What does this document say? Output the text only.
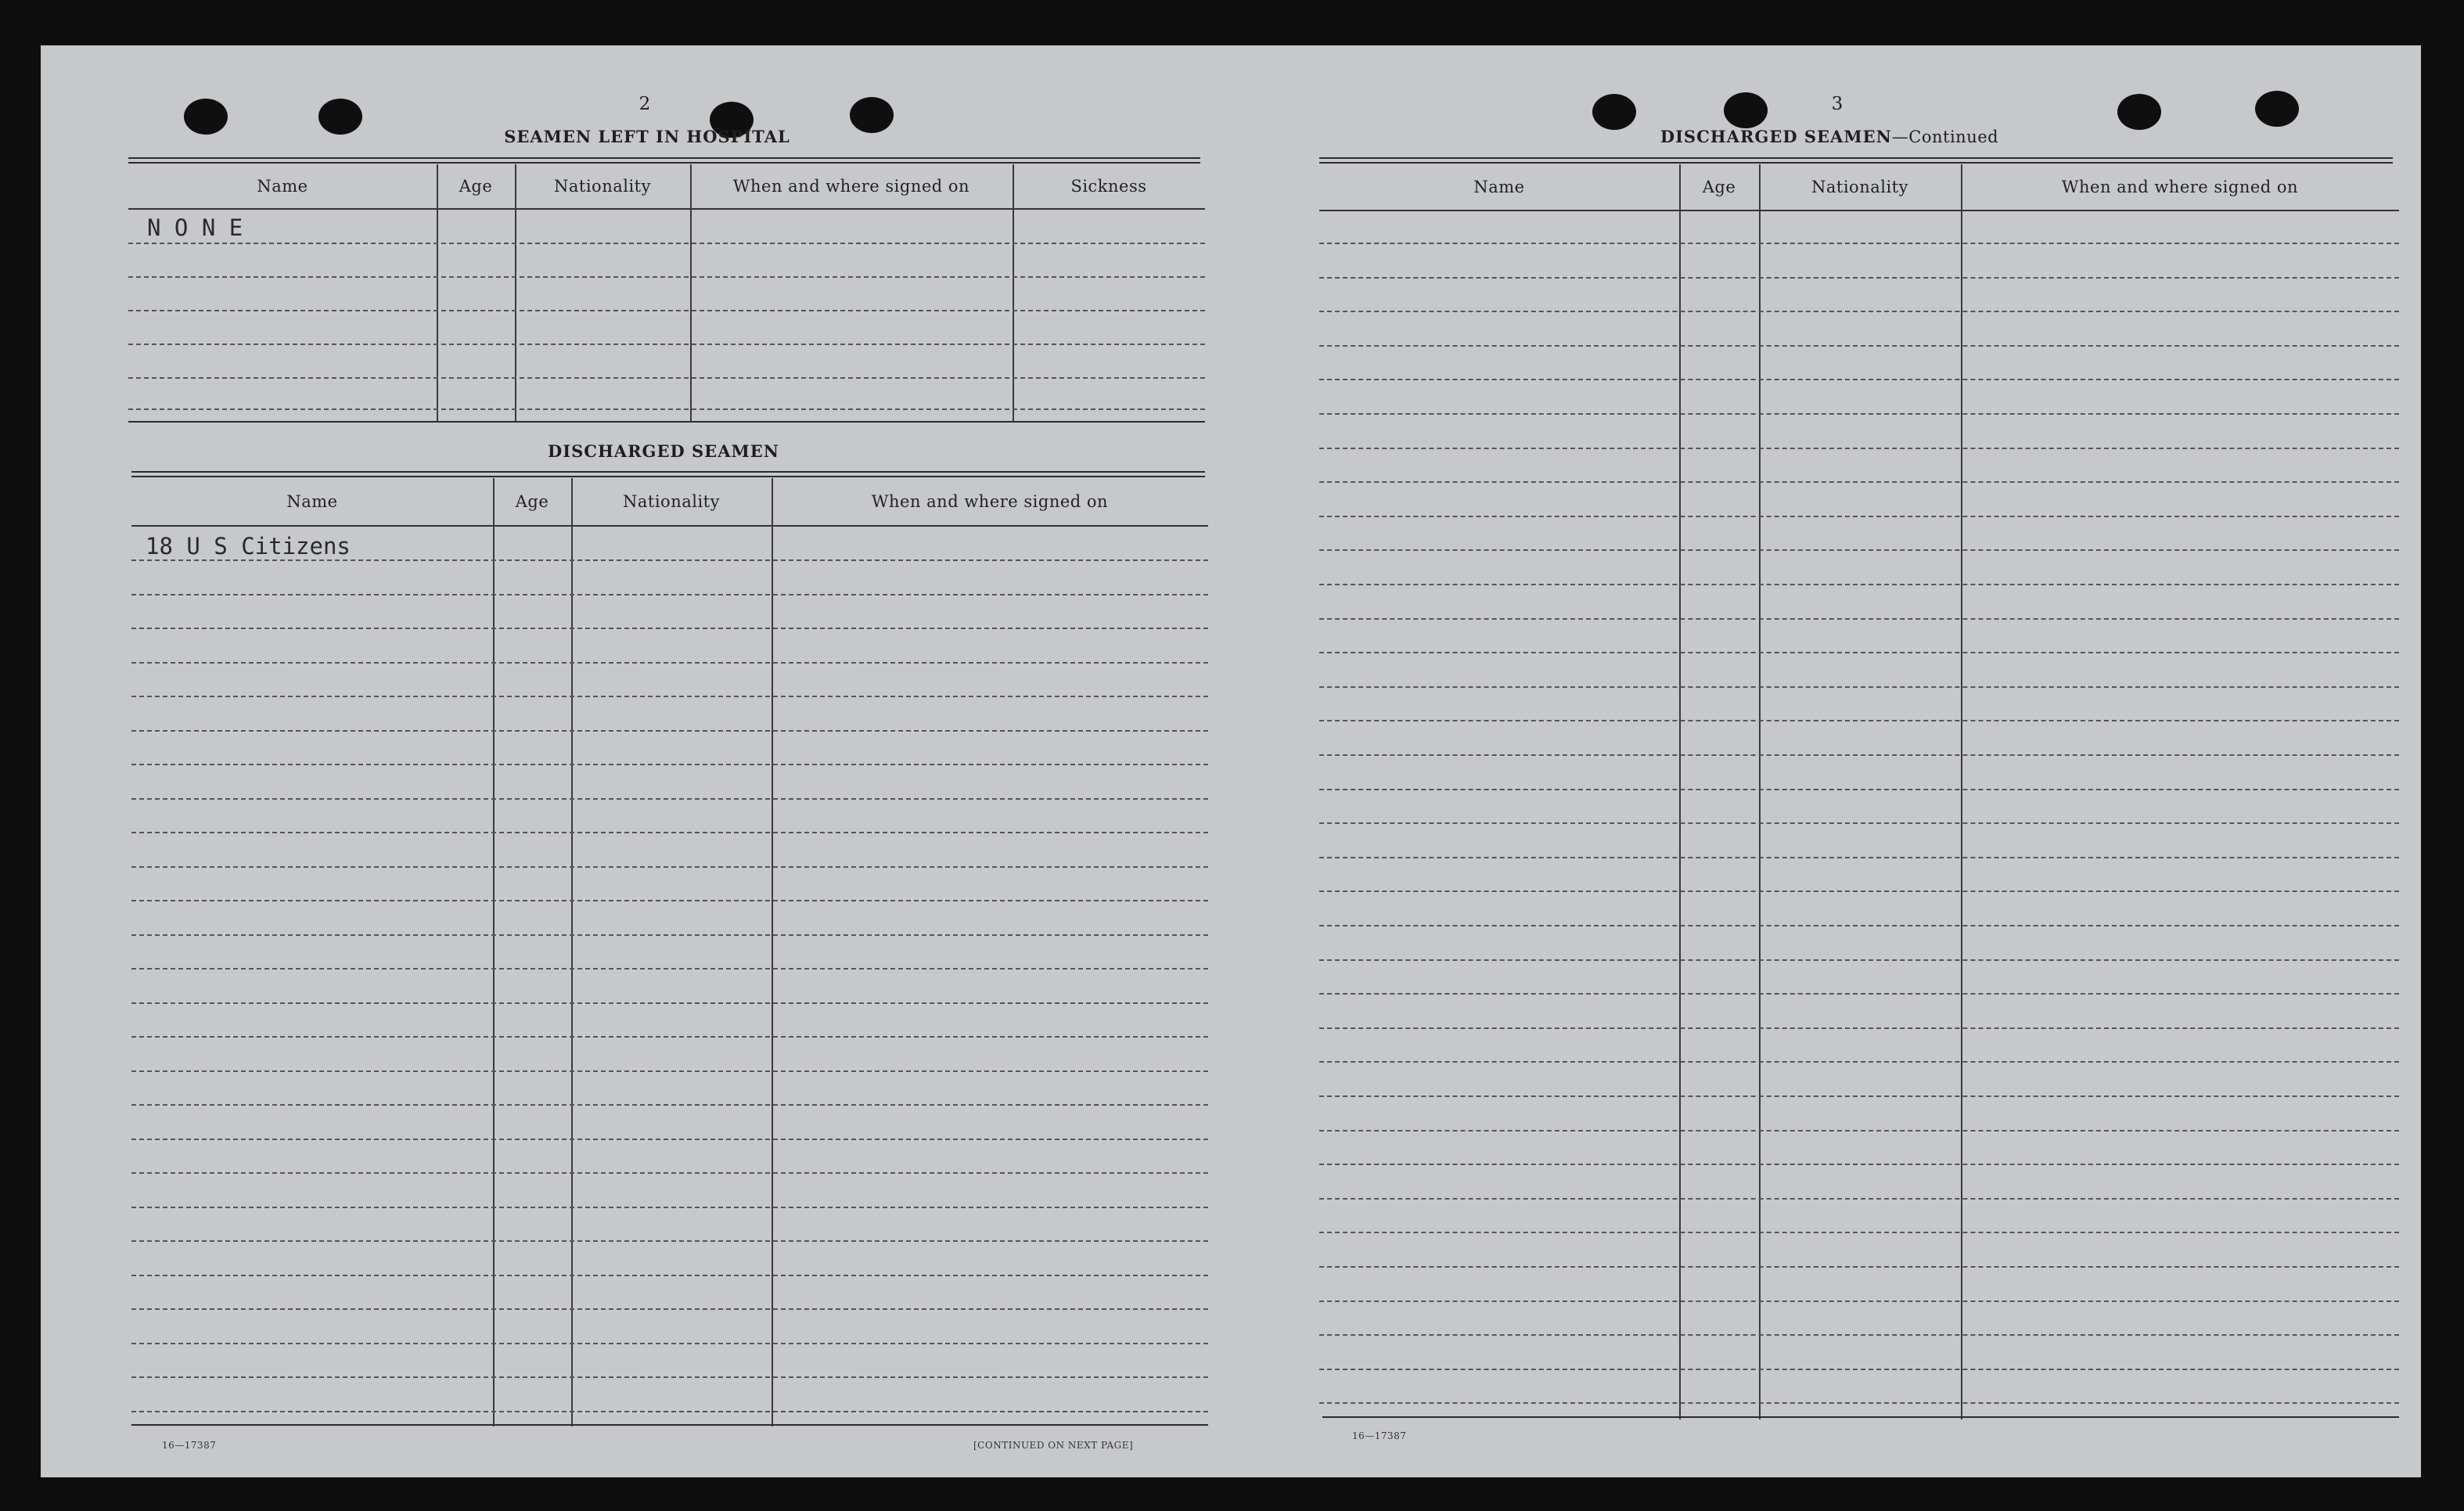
2
SEAMEN LEFT IN HOSPITAL
Name	Age	Nationality	When and where signed on	Sickness
N O N E
DISCHARGED SEAMEN
Name	Age	Nationality	When and where signed on
18 U S Citizens
16—17387	[CONTINUED ON NEXT PAGE]
3
DISCHARGED SEAMEN—Continued
Name	Age	Nationality	When and where signed on
16—17387
